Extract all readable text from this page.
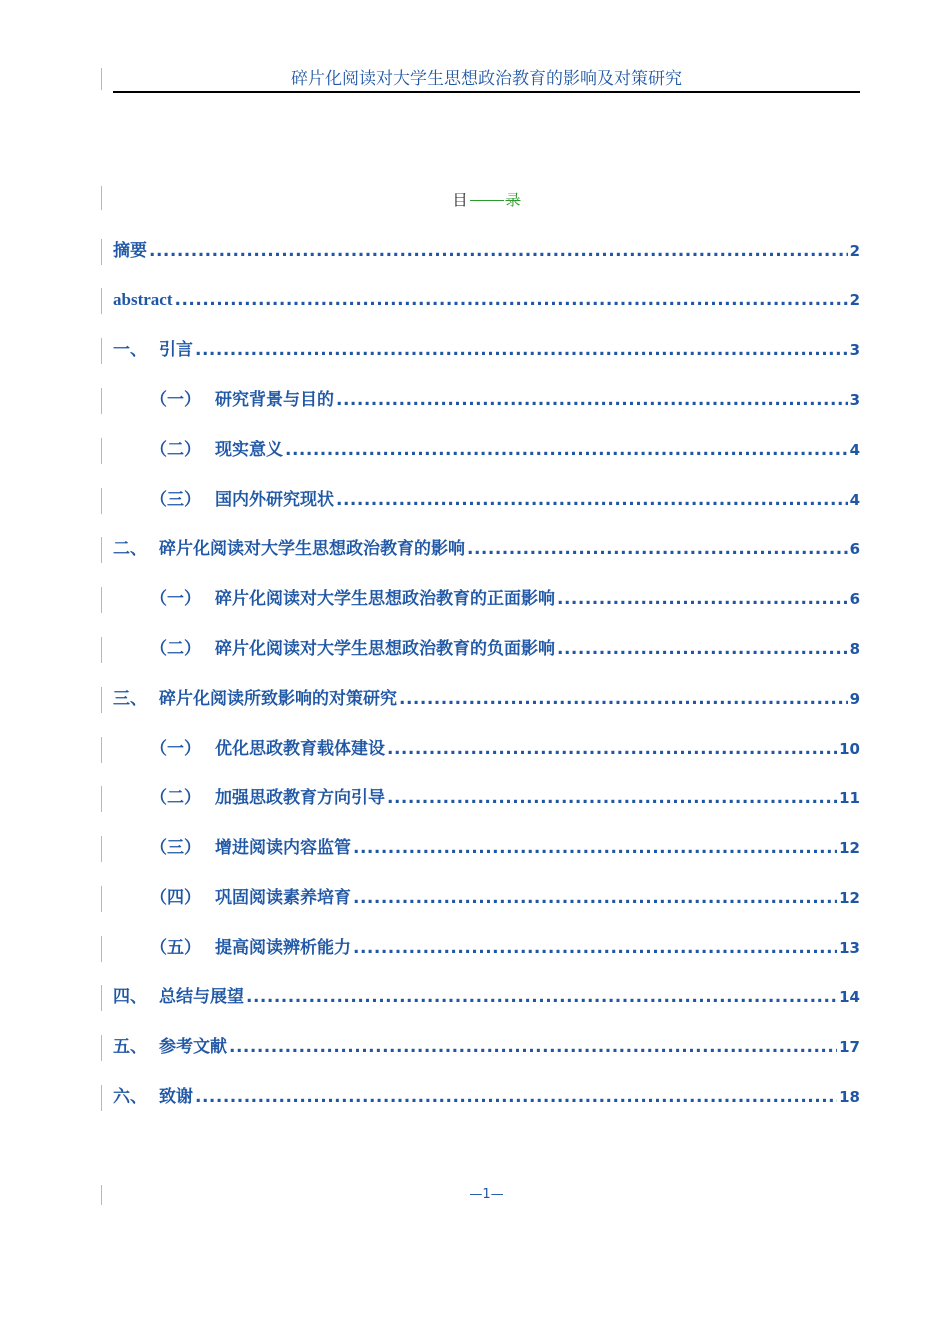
碎片化阅读对大学生思想政治教育的影响及对策研究
目	录
摘要 .....	2
abstract .....	2
一、 引言 .....	3
（一） 研究背景与目的 .....	3
（二） 现实意义 .....	4
（三） 国内外研究现状 .....	4
二、 碎片化阅读对大学生思想政治教育的影响 .....	6
（一） 碎片化阅读对大学生思想政治教育的正面影响 .....	6
（二） 碎片化阅读对大学生思想政治教育的负面影响 .....	8
三、 碎片化阅读所致影响的对策研究 .....	9
（一） 优化思政教育载体建设 .....	10
（二） 加强思政教育方向引导 .....	11
（三） 增进阅读内容监管 .....	12
（四） 巩固阅读素养培育 .....	12
（五） 提高阅读辨析能力 .....	13
四、 总结与展望 .....	14
五、 参考文献 .....	17
六、 致谢 .....	18
—1—
